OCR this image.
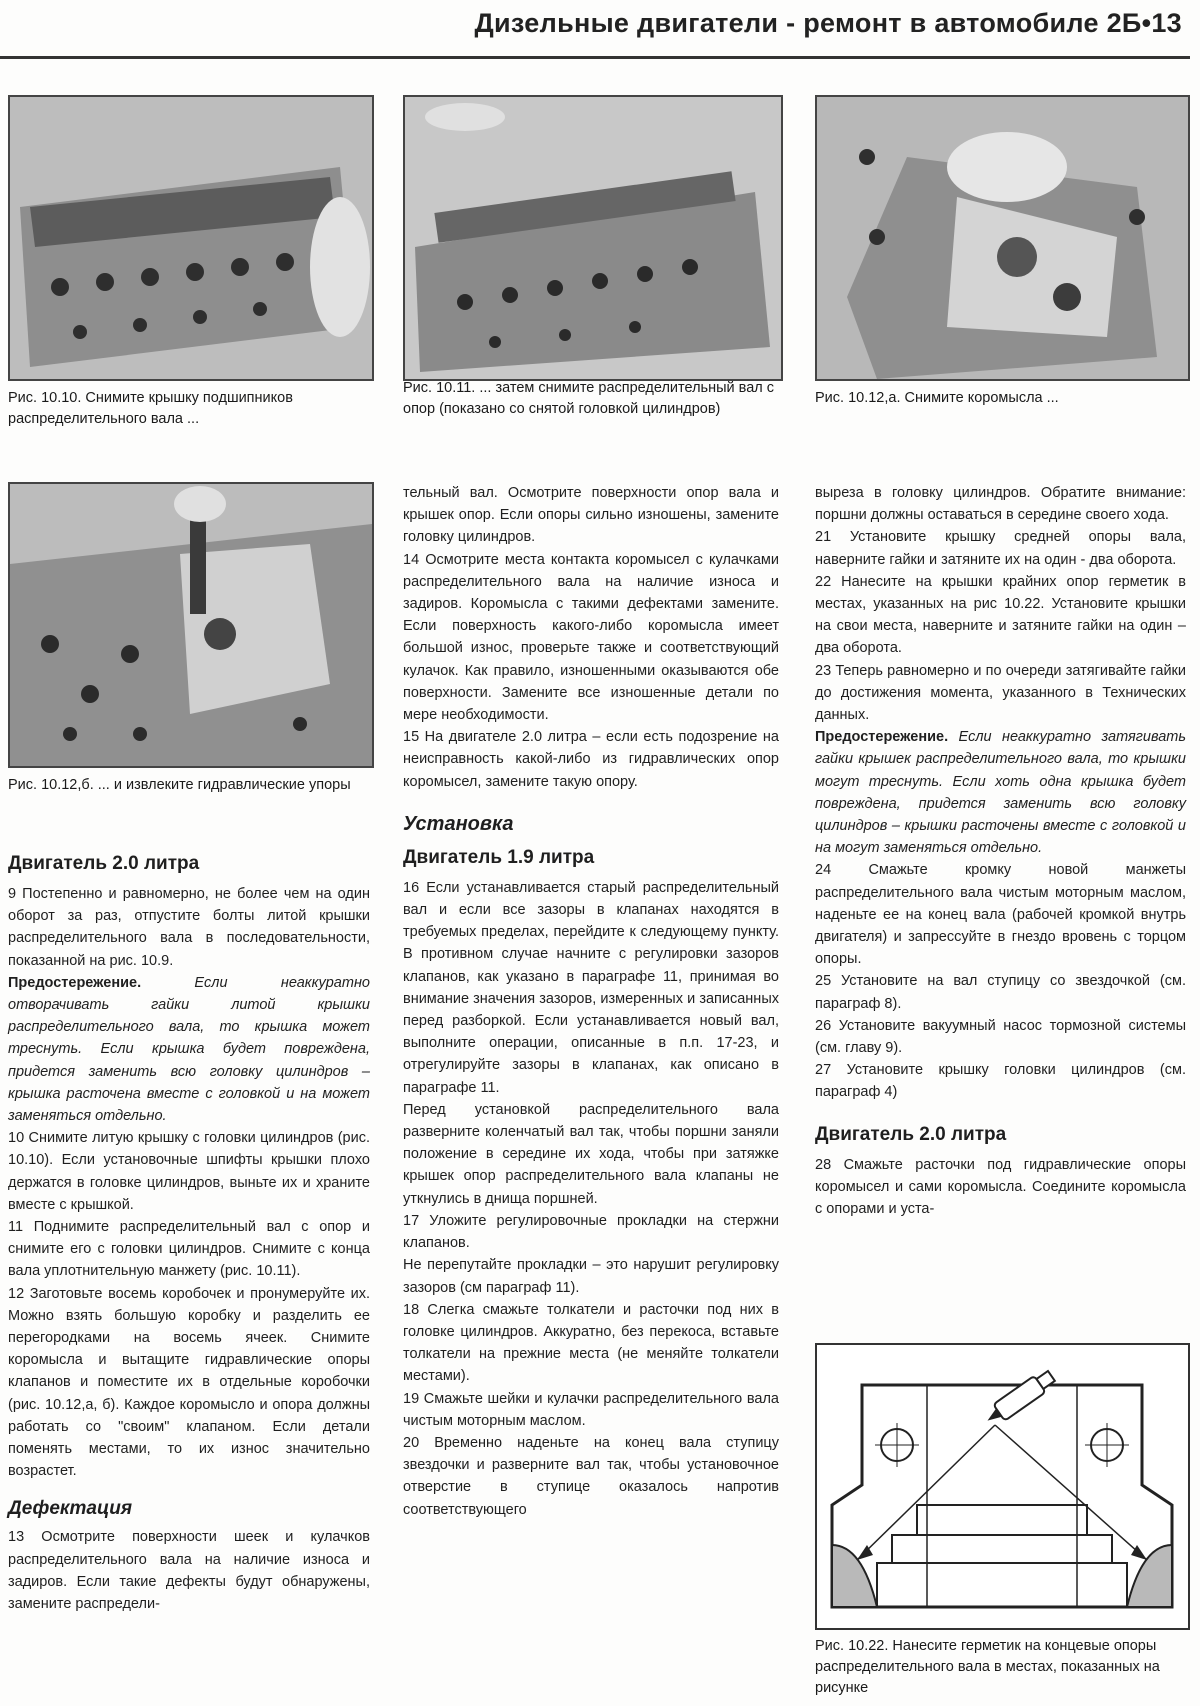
Дизельные двигатели - ремонт в автомобиле 2Б•13
Рис. 10.10. Снимите крышку подшипников распределительного вала ...
Рис. 10.11. ... затем снимите распределительный вал с опор (показано со снятой головкой цилиндров)
Рис. 10.12,а. Снимите коромысла ...
Рис. 10.12,б. ... и извлеките гидравлические упоры
Двигатель 2.0 литра

9 Постепенно и равномерно, не более чем на один оборот за раз, отпустите болты литой крышки распределительного вала в последовательности, показанной на рис. 10.9.

Предостережение.	Если неаккуратно отворачивать гайки литой крышки распределительного вала, то крышка может треснуть. Если крышка будет повреждена, придется заменить всю головку цилиндров – крышка расточена вместе с головкой и на может заменяться отдельно.

10 Снимите литую крышку с головки цилиндров (рис. 10.10). Если установочные шпифты крышки плохо держатся в головке цилиндров, выньте их и храните вместе с крышкой.

11 Поднимите распределительный вал с опор и снимите его с головки цилиндров. Снимите с конца вала уплотнительную манжету (рис. 10.11).

12 Заготовьте восемь коробочек и пронумеруйте их. Можно взять большую коробку и разделить ее перегородками на восемь ячеек. Снимите коромысла и вытащите гидравлические опоры клапанов и поместите их в отдельные коробочки (рис. 10.12,а, б). Каждое коромысло и опора должны работать со "своим" клапаном. Если детали поменять местами, то их износ значительно возрастет.

Дефектация

13 Осмотрите поверхности шеек и кулачков распределительного вала на наличие износа и задиров. Если такие дефекты будут обнаружены, замените распредели-

тельный вал. Осмотрите поверхности опор вала и крышек опор. Если опоры сильно изношены, замените головку цилиндров.

14 Осмотрите места контакта коромысел с кулачками распределительного вала на наличие износа и задиров. Коромысла с такими дефектами замените. Если поверхность какого-либо коромысла имеет большой износ, проверьте также и соответствующий кулачок. Как правило, изношенными оказываются обе поверхности. Замените все изношенные детали по мере необходимости.

15 На двигателе 2.0 литра – если есть подозрение на неисправность какой-либо из гидравлических опор коромысел, замените такую опору.

Установка
Двигатель 1.9 литра

16 Если устанавливается старый распределительный вал и если все зазоры в клапанах находятся в требуемых пределах, перейдите к следующему пункту. В противном случае начните с регулировки зазоров клапанов, как указано в параграфе 11, принимая во внимание значения зазоров, измеренных и записанных перед разборкой. Если устанавливается новый вал, выполните операции, описанные в п.п. 17-23, и отрегулируйте зазоры в клапанах, как описано в параграфе 11.

Перед установкой распределительного вала разверните коленчатый вал так, чтобы поршни заняли положение в середине их хода, чтобы при затяжке крышек опор распределительного вала клапаны не уткнулись в днища поршней.

17 Уложите регулировочные прокладки на стержни клапанов.

Не перепутайте прокладки – это нарушит регулировку зазоров (см параграф 11).

18 Слегка смажьте толкатели и расточки под них в головке цилиндров. Аккуратно, без перекоса, вставьте толкатели на прежние места (не меняйте толкатели местами).

19 Смажьте шейки и кулачки распределительного вала чистым моторным маслом.

20 Временно наденьте на конец вала ступицу звездочки и разверните вал так, чтобы установочное отверстие в ступице оказалось напротив соответствующего

выреза в головку цилиндров. Обратите внимание: поршни должны оставаться в середине своего хода.

21 Установите крышку средней опоры вала, наверните гайки и затяните их на один - два оборота.

22 Нанесите на крышки крайних опор герметик в местах, указанных на рис 10.22. Установите крышки на свои места, наверните и затяните гайки на один – два оборота.

23 Теперь равномерно и по очереди затягивайте гайки до достижения момента, указанного в Технических данных.

Предостережение. Если неаккуратно затягивать гайки крышек распределительного вала, то крышки могут треснуть. Если хоть одна крышка будет повреждена, придется заменить всю головку цилиндров – крышки расточены вместе с головкой и на могут заменяться отдельно.

24 Смажьте кромку новой манжеты распределительного вала чистым моторным маслом, наденьте ее на конец вала (рабочей кромкой внутрь двигателя) и запрессуйте в гнездо вровень с торцом опоры.

25 Установите на вал ступицу со звездочкой (см. параграф 8).

26 Установите вакуумный насос тормозной системы (см. главу 9).

27 Установите крышку головки цилиндров (см. параграф 4)

Двигатель 2.0 литра

28 Смажьте расточки под гидравлические опоры коромысел и сами коромысла. Соедините коромысла с опорами и уста-

Рис. 10.22. Нанесите герметик на концевые опоры распределительного вала в местах, показанных на рисунке
